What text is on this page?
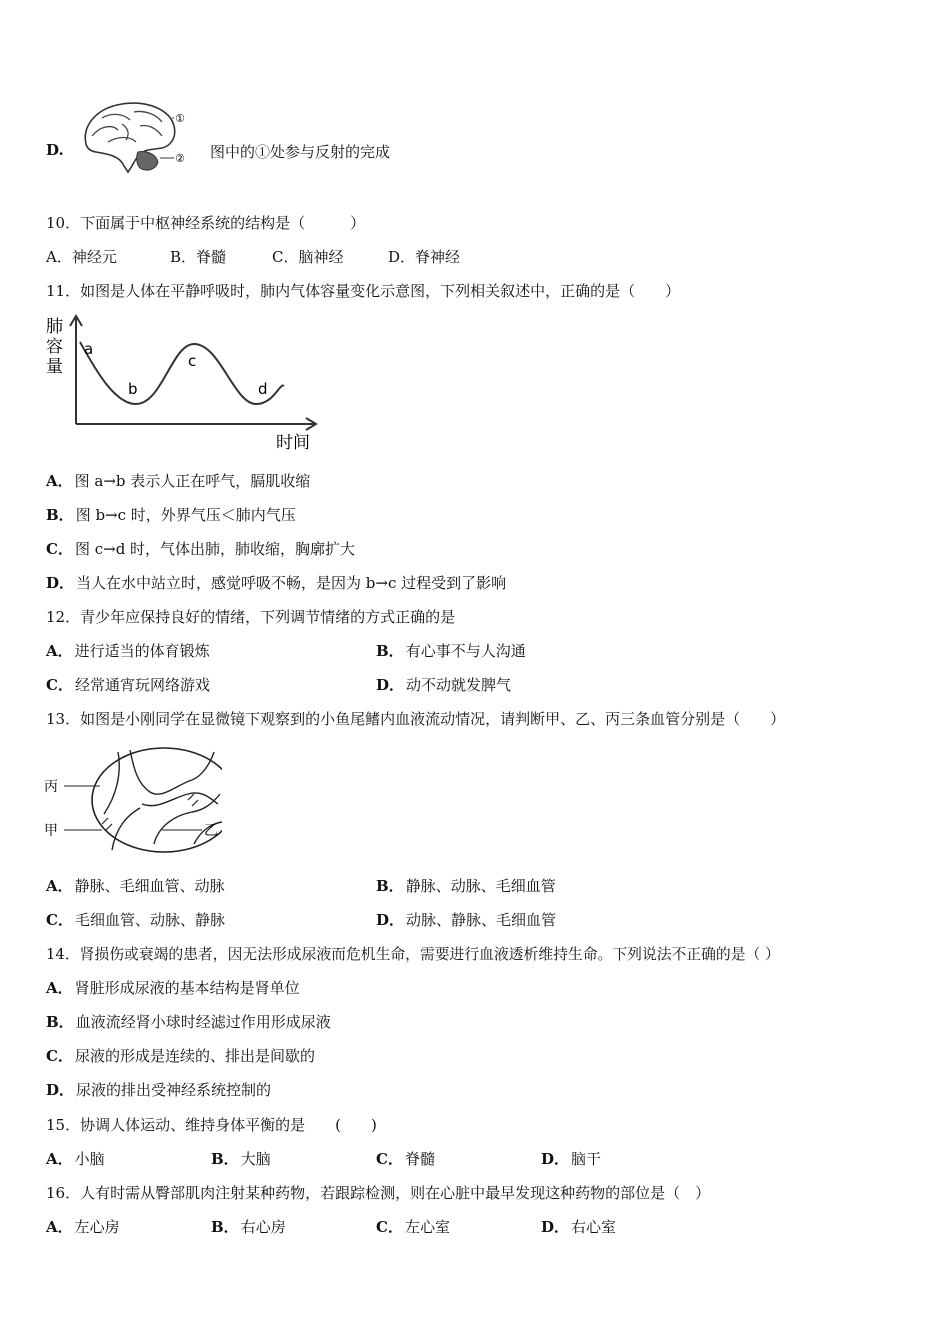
D.
①
② 图中的①处参与反射的完成
10．下面属于中枢神经系统的结构是（　　　）
A．神经元	B．脊髓	C．脑神经	D．脊神经
11．如图是人体在平静呼吸时，肺内气体容量变化示意图，下列相关叙述中，正确的是（　　）
肺
容
量
a
b
c
d
时间
A． 图 a→b 表示人正在呼气，膈肌收缩
B． 图 b→c 时，外界气压＜肺内气压
C． 图 c→d 时，气体出肺，肺收缩，胸廓扩大
D． 当人在水中站立时，感觉呼吸不畅，是因为 b→c 过程受到了影响
12．青少年应保持良好的情绪，下列调节情绪的方式正确的是
A． 进行适当的体育锻炼	B． 有心事不与人沟通
C． 经常通宵玩网络游戏	D． 动不动就发脾气
13．如图是小刚同学在显微镜下观察到的小鱼尾鳍内血液流动情况，请判断甲、乙、丙三条血管分别是（　　）
丙
甲	乙
A． 静脉、毛细血管、动脉	B． 静脉、动脉、毛细血管
C． 毛细血管、动脉、静脉	D． 动脉、静脉、毛细血管
14．肾损伤或衰竭的患者，因无法形成尿液而危机生命，需要进行血液透析维持生命。下列说法不正确的是（ ）
A． 肾脏形成尿液的基本结构是肾单位
B． 血液流经肾小球时经滤过作用形成尿液
C． 尿液的形成是连续的、排出是间歇的
D． 尿液的排出受神经系统控制的
15．协调人体运动、维持身体平衡的是　　(　　)
A． 小脑	B． 大脑	C． 脊髓	D． 脑干
16．人有时需从臀部肌肉注射某种药物，若跟踪检测，则在心脏中最早发现这种药物的部位是（　）
A． 左心房	B． 右心房	C． 左心室	D． 右心室
